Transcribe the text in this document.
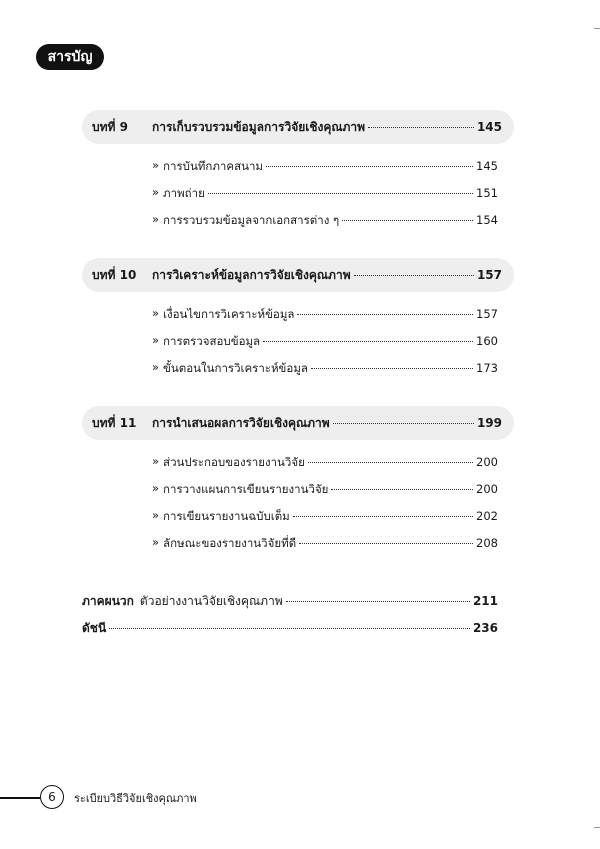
สารบัญ
บทที่ 9	การเก็บรวบรวมข้อมูลการวิจัยเชิงคุณภาพ	145
» การบันทึกภาคสนาม	145
» ภาพถ่าย	151
» การรวบรวมข้อมูลจากเอกสารต่าง ๆ	154
บทที่ 10	การวิเคราะห์ข้อมูลการวิจัยเชิงคุณภาพ	157
» เงื่อนไขการวิเคราะห์ข้อมูล	157
» การตรวจสอบข้อมูล	160
» ขั้นตอนในการวิเคราะห์ข้อมูล	173
บทที่ 11	การนำเสนอผลการวิจัยเชิงคุณภาพ	199
» ส่วนประกอบของรายงานวิจัย	200
» การวางแผนการเขียนรายงานวิจัย	200
» การเขียนรายงานฉบับเต็ม	202
» ลักษณะของรายงานวิจัยที่ดี	208
ภาคผนวก ตัวอย่างงานวิจัยเชิงคุณภาพ	211
ดัชนี	236
6	ระเบียบวิธีวิจัยเชิงคุณภาพ
